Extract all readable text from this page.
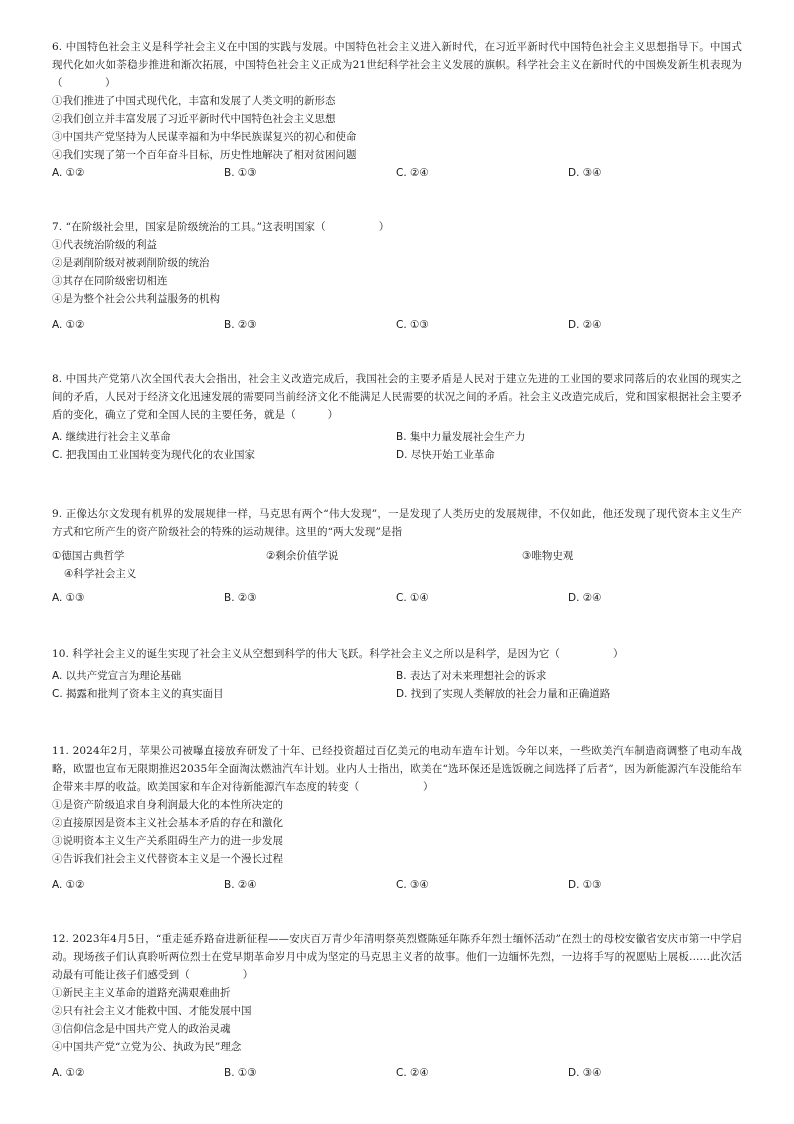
6. 中国特色社会主义是科学社会主义在中国的实践与发展。中国特色社会主义进入新时代，在习近平新时代中国特色社会主义思想指导下。中国式现代化如火如荼稳步推进和渐次拓展，中国特色社会主义正成为21世纪科学社会主义发展的旗帜。科学社会主义在新时代的中国焕发新生机表现为（　　　　）

①我们推进了中国式现代化，丰富和发展了人类文明的新形态

②我们创立并丰富发展了习近平新时代中国特色社会主义思想

③中国共产党坚持为人民谋幸福和为中华民族谋复兴的初心和使命

④我们实现了第一个百年奋斗目标，历史性地解决了相对贫困问题

A. ①②	B. ①③	C. ②④	D. ③④

7. “在阶级社会里，国家是阶级统治的工具。”这表明国家（　　　　　）

①代表统治阶级的利益

②是剥削阶级对被剥削阶级的统治

③其存在同阶级密切相连

④是为整个社会公共利益服务的机构

A. ①②	B. ②③	C. ①③	D. ②④

8. 中国共产党第八次全国代表大会指出，社会主义改造完成后，我国社会的主要矛盾是人民对于建立先进的工业国的要求同落后的农业国的现实之间的矛盾，人民对于经济文化迅速发展的需要同当前经济文化不能满足人民需要的状况之间的矛盾。社会主义改造完成后，党和国家根据社会主要矛盾的变化，确立了党和全国人民的主要任务，就是（　　　）

A. 继续进行社会主义革命	B. 集中力量发展社会生产力
C. 把我国由工业国转变为现代化的农业国家	D. 尽快开始工业革命

9. 正像达尔文发现有机界的发展规律一样，马克思有两个“伟大发现”，一是发现了人类历史的发展规律，不仅如此，他还发现了现代资本主义生产方式和它所产生的资产阶级社会的特殊的运动规律。这里的“两大发现”是指

①德国古典哲学	②剩余价值学说	③唯物史观
④科学社会主义
A. ①③	B. ②③	C. ①④	D. ②④

10. 科学社会主义的诞生实现了社会主义从空想到科学的伟大飞跃。科学社会主义之所以是科学，是因为它（　　　　　）

A. 以共产党宣言为理论基础	B. 表达了对未来理想社会的诉求
C. 揭露和批判了资本主义的真实面目	D. 找到了实现人类解放的社会力量和正确道路

11. 2024年2月，苹果公司被曝直接放弃研发了十年、已经投资超过百亿美元的电动车造车计划。今年以来，一些欧美汽车制造商调整了电动车战略，欧盟也宣布无限期推迟2035年全面淘汰燃油汽车计划。业内人士指出，欧美在“选环保还是选饭碗之间选择了后者”，因为新能源汽车没能给车企带来丰厚的收益。欧美国家和车企对待新能源汽车态度的转变（　　　　　　）

①是资产阶级追求自身利润最大化的本性所决定的

②直接原因是资本主义社会基本矛盾的存在和激化

③说明资本主义生产关系阻碍生产力的进一步发展

④告诉我们社会主义代替资本主义是一个漫长过程

A. ①②	B. ②④	C. ③④	D. ①③

12. 2023年4月5日，“重走延乔路奋进新征程——安庆百万青少年清明祭英烈暨陈延年陈乔年烈士缅怀活动”在烈士的母校安徽省安庆市第一中学启动。现场孩子们认真聆听两位烈士在党早期革命岁月中成为坚定的马克思主义者的故事。他们一边缅怀先烈，一边将手写的祝愿贴上展板……此次活动最有可能让孩子们感受到（　　　　　）

①新民主主义革命的道路充满艰难曲折

②只有社会主义才能救中国、才能发展中国

③信仰信念是中国共产党人的政治灵魂

④中国共产党“立党为公、执政为民”理念

A. ①②	B. ①③	C. ②④	D. ③④
